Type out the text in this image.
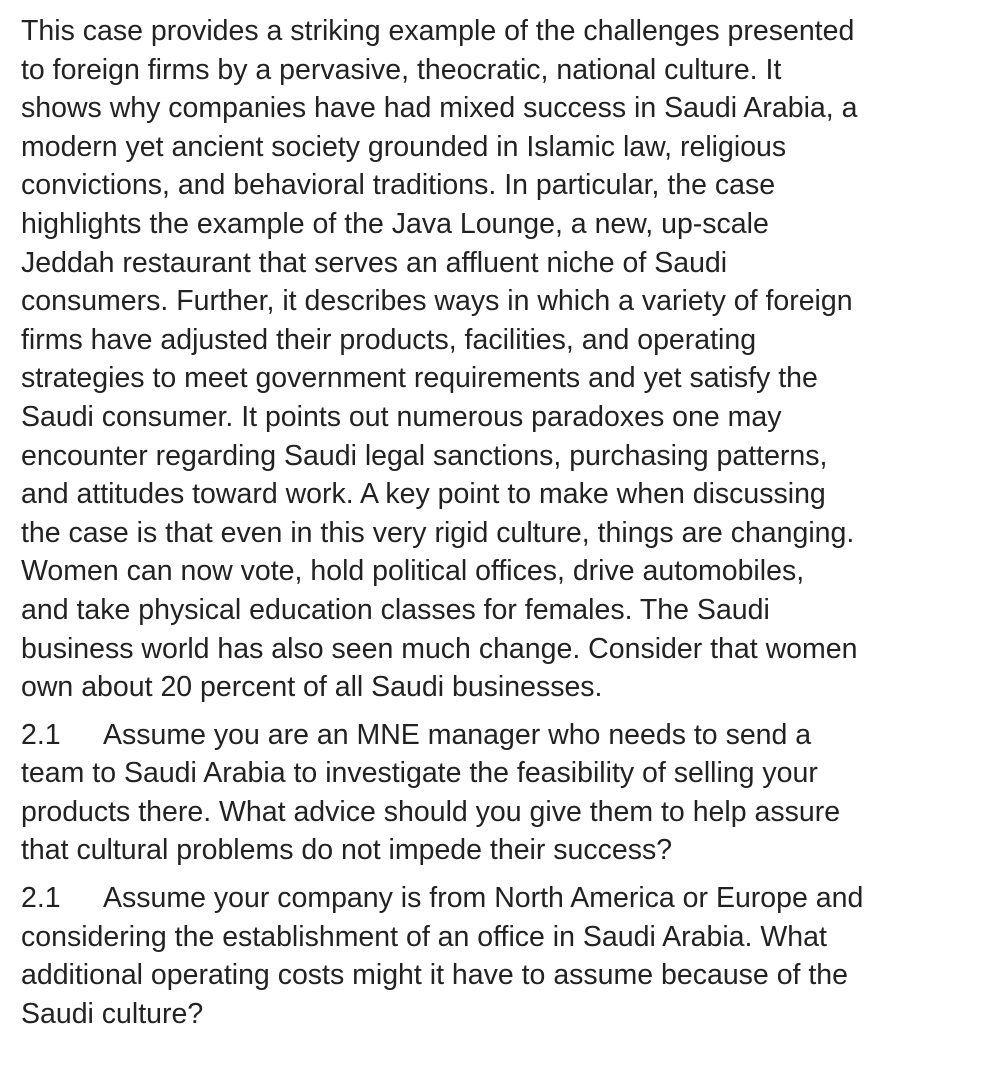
This case provides a striking example of the challenges presented
to foreign firms by a pervasive, theocratic, national culture. It
shows why companies have had mixed success in Saudi Arabia, a
modern yet ancient society grounded in Islamic law, religious
convictions, and behavioral traditions. In particular, the case
highlights the example of the Java Lounge, a new, up-scale
Jeddah restaurant that serves an affluent niche of Saudi
consumers. Further, it describes ways in which a variety of foreign
firms have adjusted their products, facilities, and operating
strategies to meet government requirements and yet satisfy the
Saudi consumer. It points out numerous paradoxes one may
encounter regarding Saudi legal sanctions, purchasing patterns,
and attitudes toward work. A key point to make when discussing
the case is that even in this very rigid culture, things are changing.
Women can now vote, hold political offices, drive automobiles,
and take physical education classes for females. The Saudi
business world has also seen much change. Consider that women
own about 20 percent of all Saudi businesses.

2.1 Assume you are an MNE manager who needs to send a
team to Saudi Arabia to investigate the feasibility of selling your
products there. What advice should you give them to help assure
that cultural problems do not impede their success?

2.1 Assume your company is from North America or Europe and
considering the establishment of an office in Saudi Arabia. What
additional operating costs might it have to assume because of the
Saudi culture?
